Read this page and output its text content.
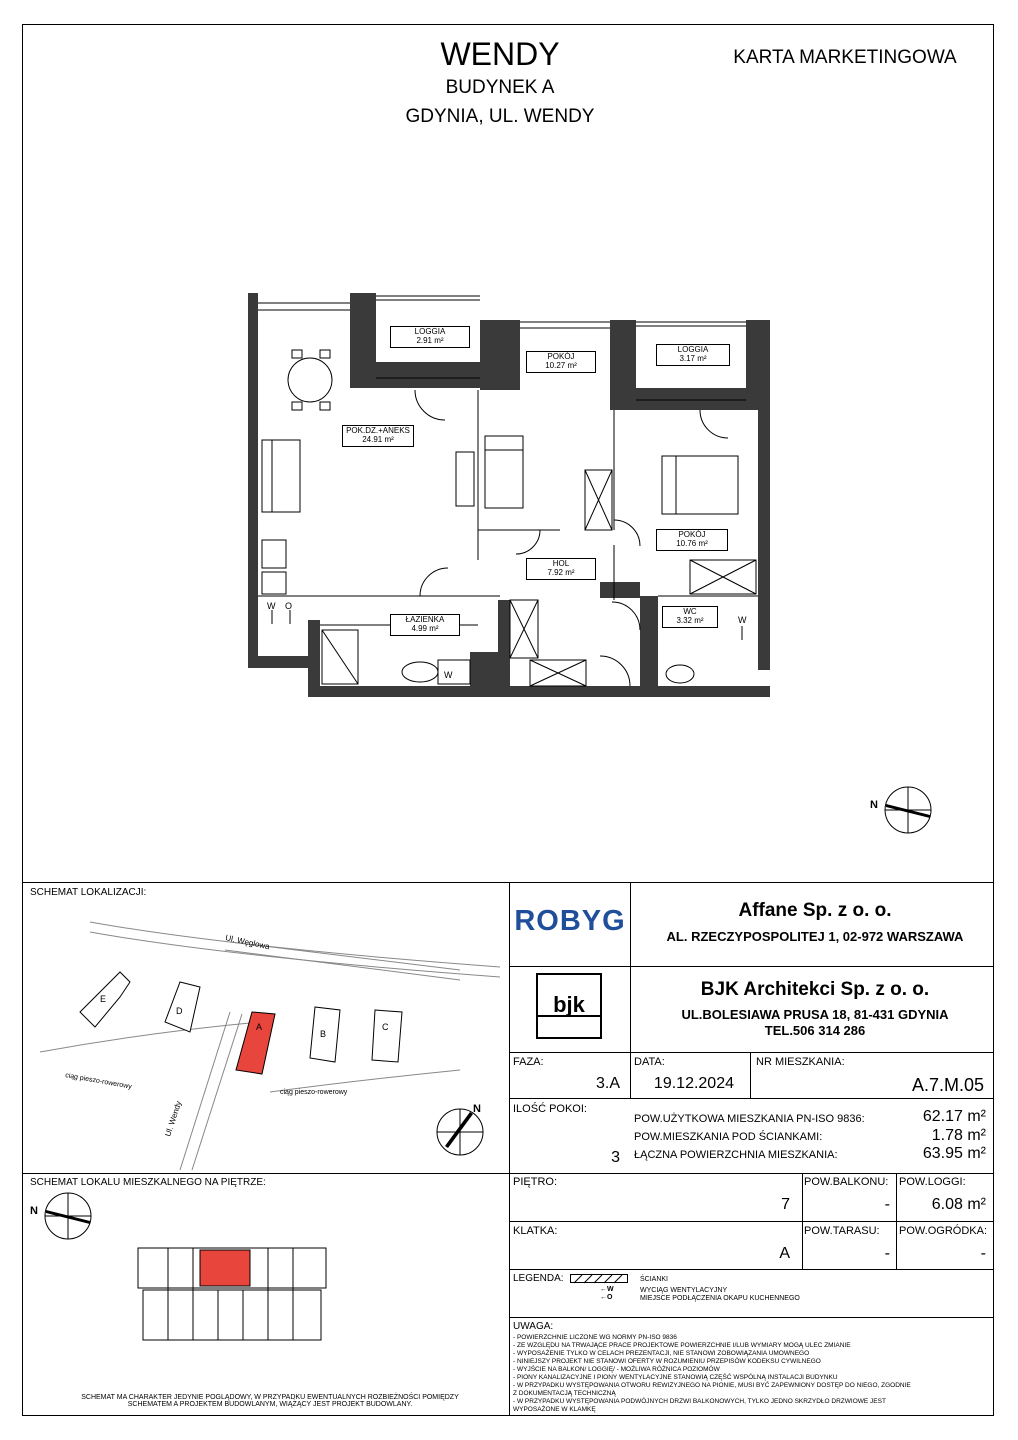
WENDY
BUDYNEK A
GDYNIA, UL. WENDY
KARTA MARKETINGOWA
W O
W
W
LOGGIA
2.91 m²
POKÓJ
10.27 m²
LOGGIA
3.17 m²
POK.DZ.+ANEKS
24.91 m²
POKÓJ
10.76 m²
HOL
7.92 m²
ŁAZIENKA
4.99 m²
WC
3.32 m²
N
SCHEMAT LOKALIZACJI:
E
D
A
B
C
Ul. Węglowa
Ul. Wendy
ciąg pieszo-rowerowy
ciąg pieszo-rowerowy
N
SCHEMAT LOKALU MIESZKALNEGO NA PIĘTRZE:
N
SCHEMAT MA CHARAKTER JEDYNIE POGLĄDOWY, W PRZYPADKU EWENTUALNYCH ROZBIEŻNOŚCI POMIĘDZY SCHEMATEM A PROJEKTEM BUDOWLANYM, WIĄŻĄCY JEST PROJEKT BUDOWLANY.
ROBYG	Affane Sp. z o. o.
AL. RZECZYPOSPOLITEJ 1, 02-972 WARSZAWA
bjk
BJK Architekci Sp. z o. o.
UL.BOLESIAWA PRUSA 18, 81-431 GDYNIA
TEL.506 314 286
FAZA:
3.A
DATA:
19.12.2024
NR MIESZKANIA:
A.7.M.05
ILOŚĆ POKOI:
3
POW.UŻYTKOWA MIESZKANIA PN-ISO 9836:	62.17 m²
POW.MIESZKANIA POD ŚCIANKAMI:	1.78 m²
ŁĄCZNA POWIERZCHNIA MIESZKANIA:	63.95 m²
PIĘTRO:
7
POW.BALKONU:
-
POW.LOGGI:
6.08 m²
KLATKA:
A
POW.TARASU:
-
POW.OGRÓDKA:
-
LEGENDA:	ŚCIANKI
←W	WYCIĄG WENTYLACYJNY
←O	MIEJSCE PODŁĄCZENIA OKAPU KUCHENNEGO
UWAGA:
- POWIERZCHNIE LICZONE WG NORMY PN-ISO 9836
- ZE WZGLĘDU NA TRWAJĄCE PRACE PROJEKTOWE POWIERZCHNIE I/LUB WYMIARY MOGĄ ULEC ZMIANIE
- WYPOSAŻENIE TYLKO W CELACH PREZENTACJI, NIE STANOWI ZOBOWIĄZANIA UMOWNEGO
- NINIEJSZY PROJEKT NIE STANOWI OFERTY W ROZUMIENIU PRZEPISÓW KODEKSU CYWILNEGO
- WYJŚCIE NA BALKON/ LOGGIĘ/ - MOŻLIWA RÓŻNICA POZIOMÓW
- PIONY KANALIZACYJNE I PIONY WENTYLACYJNE STANOWIĄ CZĘŚĆ WSPÓLNĄ INSTALACJI BUDYNKU
- W PRZYPADKU WYSTĘPOWANIA OTWORU REWIZYJNEGO NA PIONIE, MUSI BYĆ ZAPEWNIONY DOSTĘP DO NIEGO, ZGODNIE Z DOKUMENTACJĄ TECHNICZNĄ
- W PRZYPADKU WYSTĘPOWANIA PODWÓJNYCH DRZWI BALKONOWYCH, TYLKO JEDNO SKRZYDŁO DRZWIOWE JEST WYPOSAŻONE W KLAMKĘ
